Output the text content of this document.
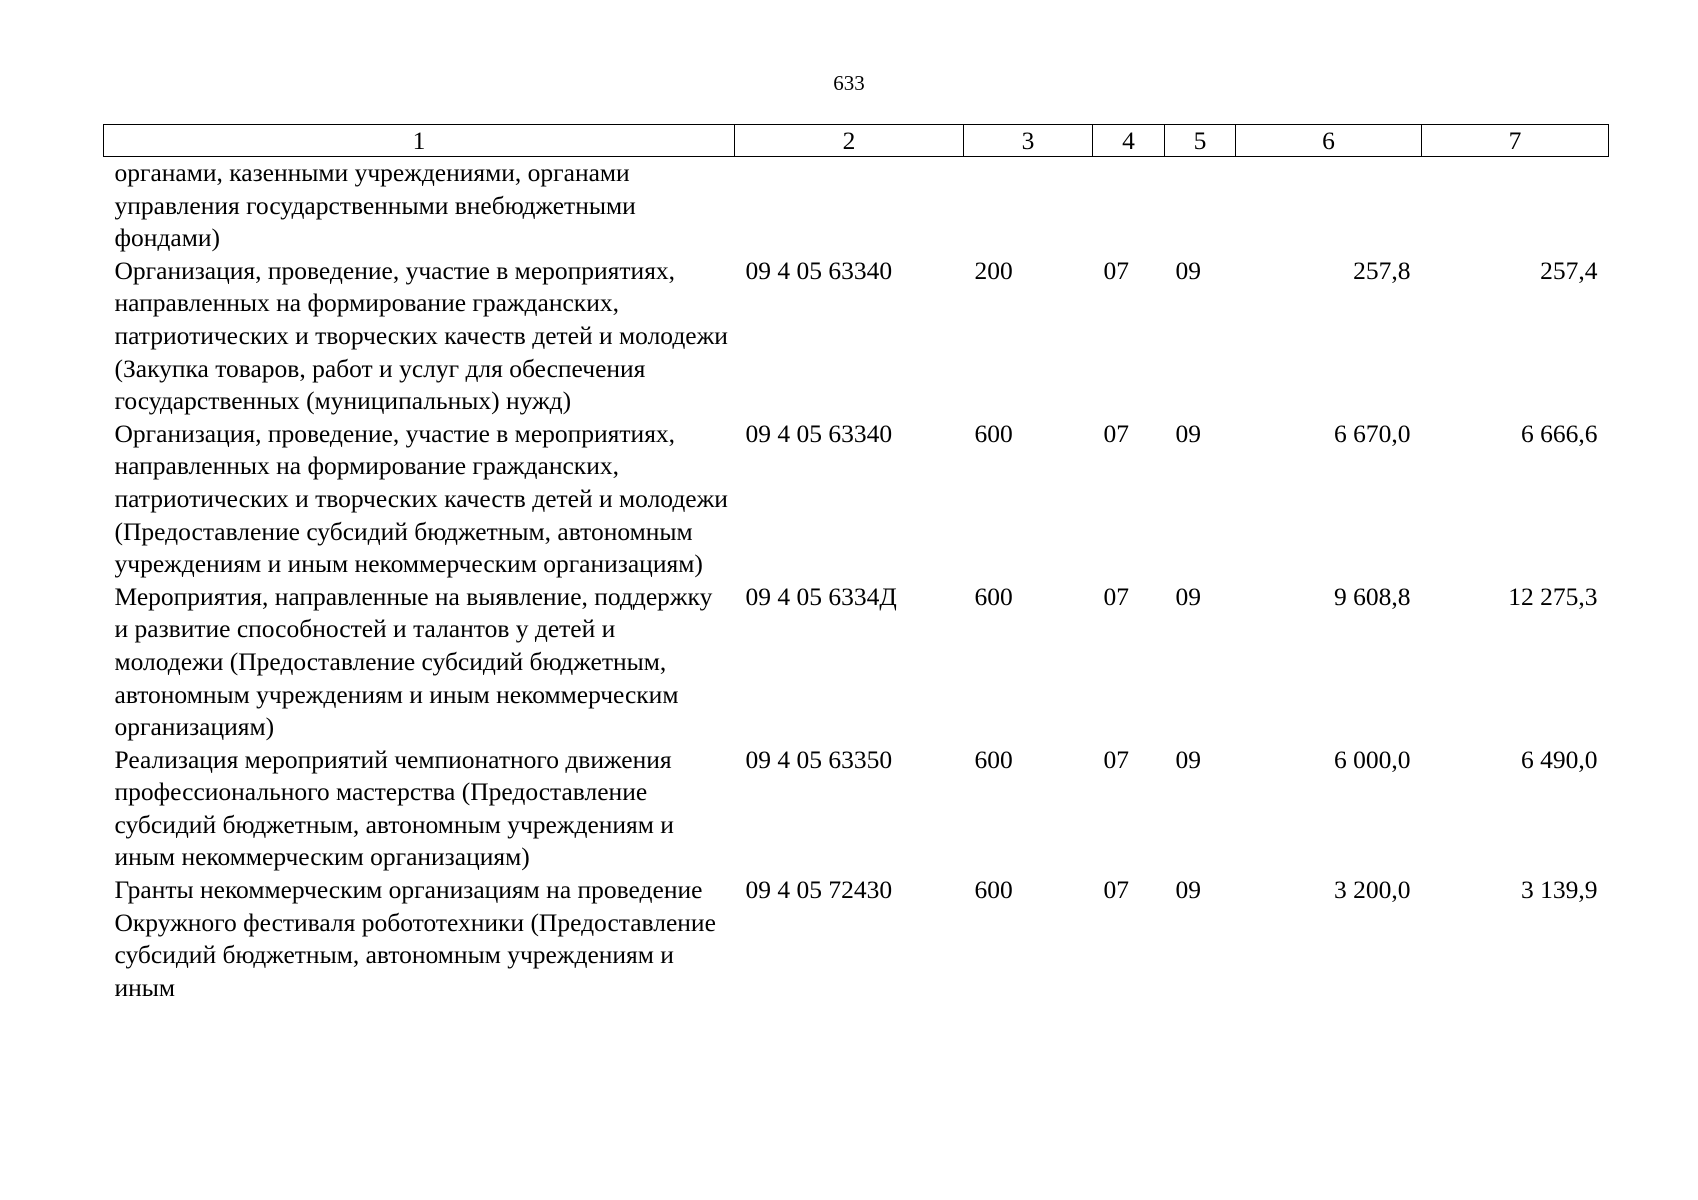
633
1	2	3	4	5	6	7
органами, казенными учреждениями, органами управления государственными внебюджетными фондами)						
Организация, проведение, участие в мероприятиях, направленных на формирование гражданских, патриотических и творческих качеств детей и молодежи (Закупка товаров, работ и услуг для обеспечения государственных (муниципальных) нужд)	09 4 05 63340	200	07	09	257,8	257,4
Организация, проведение, участие в мероприятиях, направленных на формирование гражданских, патриотических и творческих качеств детей и молодежи (Предоставление субсидий бюджетным, автономным учреждениям и иным некоммерческим организациям)	09 4 05 63340	600	07	09	6 670,0	6 666,6
Мероприятия, направленные на выявление, поддержку и развитие способностей и талантов у детей и молодежи (Предоставление субсидий бюджетным, автономным учреждениям и иным некоммерческим организациям)	09 4 05 6334Д	600	07	09	9 608,8	12 275,3
Реализация мероприятий чемпионатного движения профессионального мастерства (Предоставление субсидий бюджетным, автономным учреждениям и иным некоммерческим организациям)	09 4 05 63350	600	07	09	6 000,0	6 490,0
Гранты некоммерческим организациям на проведение Окружного фестиваля робототехники (Предоставление субсидий бюджетным, автономным учреждениям и иным	09 4 05 72430	600	07	09	3 200,0	3 139,9
